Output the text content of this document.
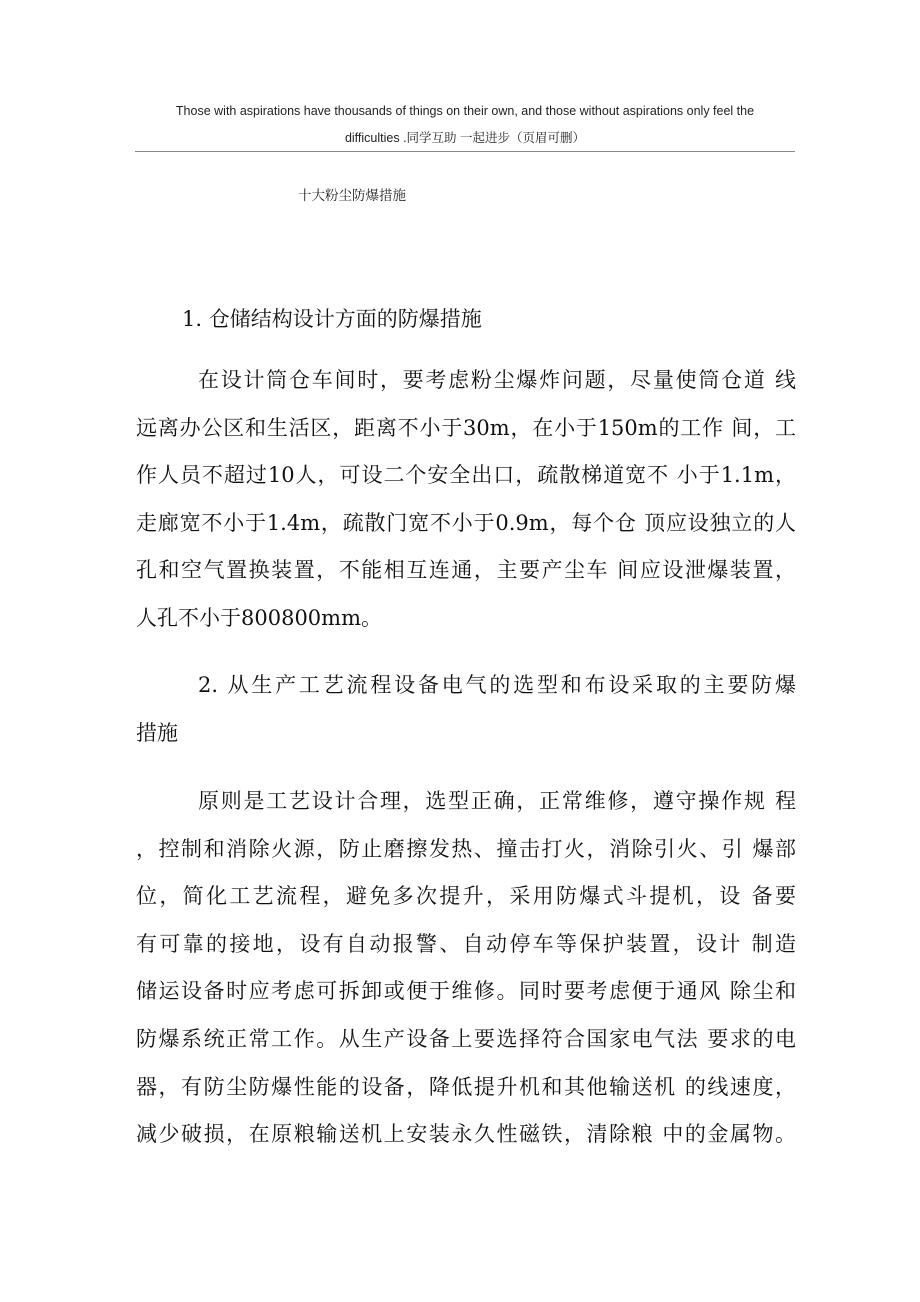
Those with aspirations have thousands of things on their own, and those without aspirations only feel the
difficulties .同学互助 一起进步（页眉可删）
十大粉尘防爆措施
1. 仓储结构设计方面的防爆措施
在设计筒仓车间时，要考虑粉尘爆炸问题，尽量使筒仓道 线
远离办公区和生活区，距离不小于30m，在小于150m的工作 间，工
作人员不超过10人，可设二个安全出口，疏散梯道宽不 小于1.1m，
走廊宽不小于1.4m，疏散门宽不小于0.9m，每个仓 顶应设独立的人
孔和空气置换装置，不能相互连通，主要产尘车 间应设泄爆装置，
人孔不小于800800mm。
2. 从生产工艺流程设备电气的选型和布设采取的主要防爆
措施
原则是工艺设计合理，选型正确，正常维修，遵守操作规 程
，控制和消除火源，防止磨擦发热、撞击打火，消除引火、引 爆部
位，简化工艺流程，避免多次提升，采用防爆式斗提机，设 备要
有可靠的接地，设有自动报警、自动停车等保护装置，设计 制造
储运设备时应考虑可拆卸或便于维修。同时要考虑便于通风 除尘和
防爆系统正常工作。从生产设备上要选择符合国家电气法 要求的电
器，有防尘防爆性能的设备，降低提升机和其他输送机 的线速度，
减少破损，在原粮输送机上安装永久性磁铁，清除粮 中的金属物。
